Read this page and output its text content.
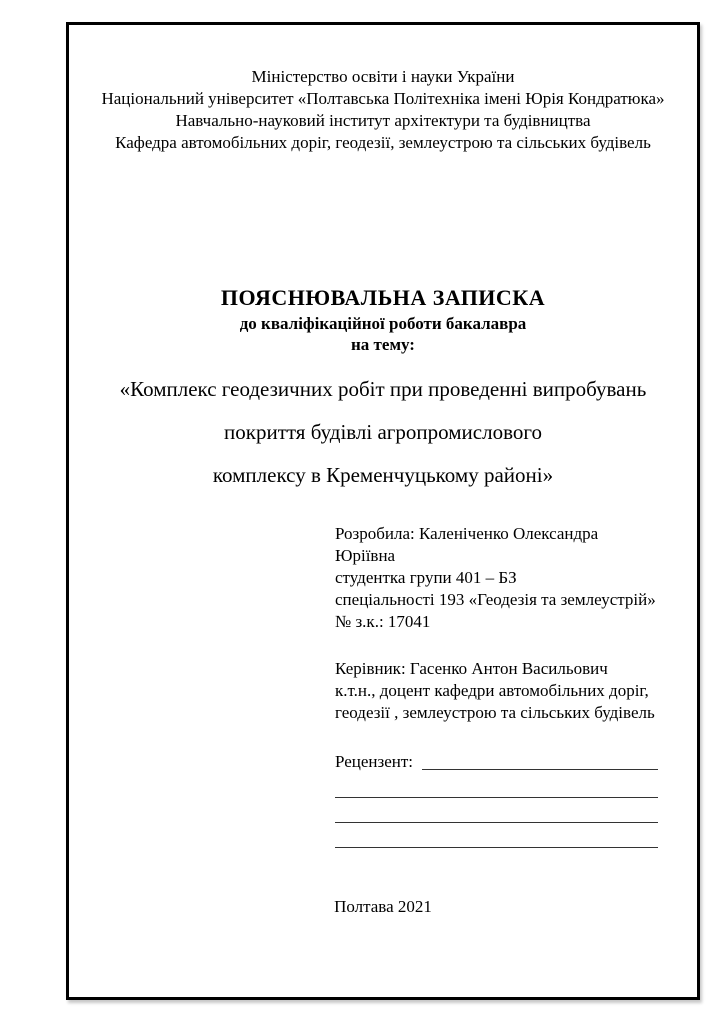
Міністерство освіти і науки України
Національний університет «Полтавська Політехніка імені Юрія Кондратюка»
Навчально-науковий інститут архітектури та будівництва
Кафедра автомобільних доріг, геодезії, землеустрою та сільських будівель
ПОЯСНЮВАЛЬНА ЗАПИСКА
до кваліфікаційної роботи бакалавра
на тему:
«Комплекс геодезичних робіт при проведенні випробувань
покриття будівлі агропромислового
комплексу в Кременчуцькому районі»
Розробила: Каленіченко Олександра Юріївна
студентка групи 401 – БЗ
спеціальності 193 «Геодезія та землеустрій»
№ з.к.: 17041
Керівник: Гасенко Антон Васильович
к.т.н., доцент кафедри автомобільних доріг,
геодезії , землеустрою та сільських будівель
Рецензент:
Полтава 2021
